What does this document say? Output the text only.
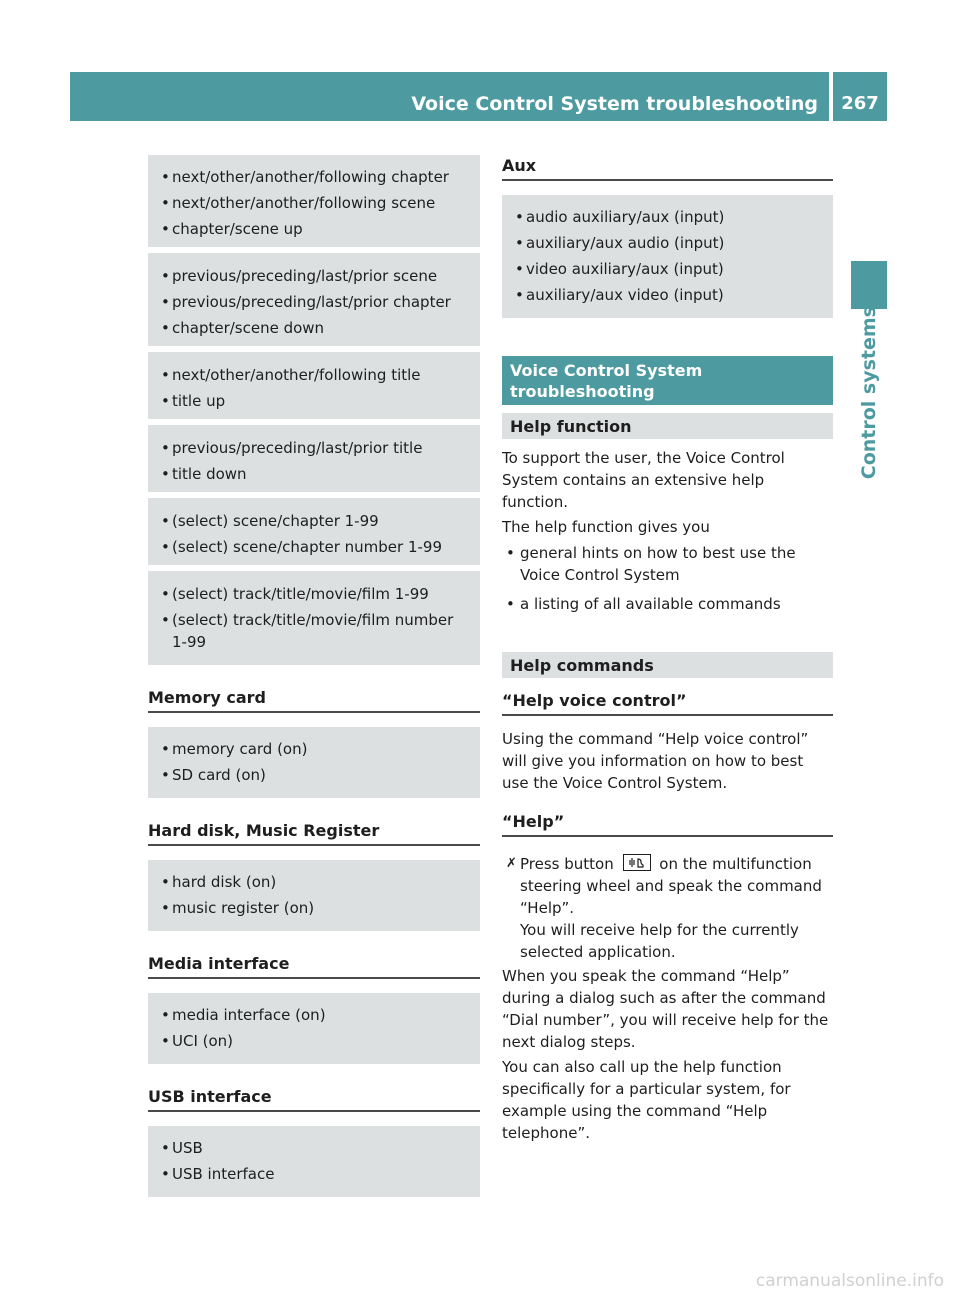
Voice Control System troubleshooting	267
Control systems
• next/other/another/following chapter
• next/other/another/following scene
• chapter/scene up
• previous/preceding/last/prior scene
• previous/preceding/last/prior chapter
• chapter/scene down
• next/other/another/following title
• title up
• previous/preceding/last/prior title
• title down
• (select) scene/chapter 1-99
• (select) scene/chapter number 1-99
• (select) track/title/movie/film 1-99
• (select) track/title/movie/film number 1-99
Memory card
• memory card (on)
• SD card (on)
Hard disk, Music Register
• hard disk (on)
• music register (on)
Media interface
• media interface (on)
• UCI (on)
USB interface
• USB
• USB interface
Aux
• audio auxiliary/aux (input)
• auxiliary/aux audio (input)
• video auxiliary/aux (input)
• auxiliary/aux video (input)
Voice Control System troubleshooting
Help function

To support the user, the Voice Control System contains an extensive help function.

The help function gives you

• general hints on how to best use the Voice Control System
• a listing of all available commands
Help commands
“Help voice control”

Using the command “Help voice control” will give you information on how to best use the Voice Control System.

“Help”
✗ Press button	on the multifunction steering wheel and speak the command “Help”.
You will receive help for the currently selected application.

When you speak the command “Help” during a dialog such as after the command “Dial number”, you will receive help for the next dialog steps.

You can also call up the help function specifically for a particular system, for example using the command “Help telephone”.

carmanualsonline.info
